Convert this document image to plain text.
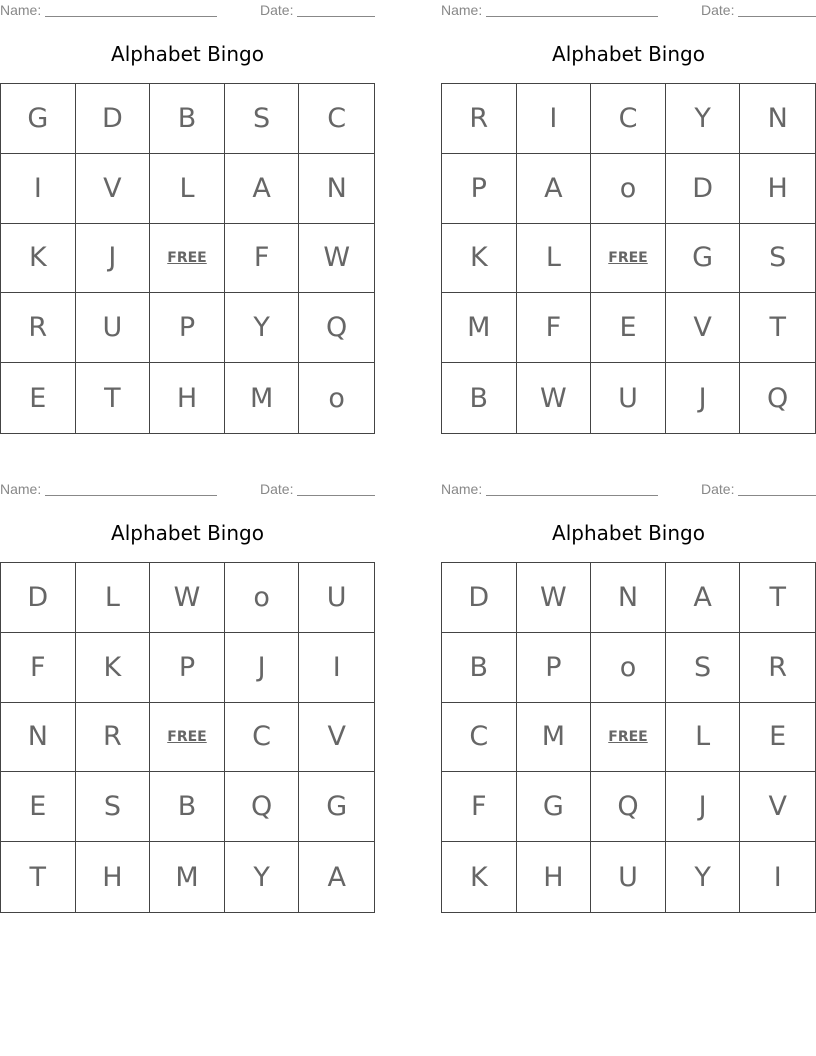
Name:	Date:
Alphabet Bingo
G	D	B	S	C
I	V	L	A	N
K	J	FREE	F	W
R	U	P	Y	Q
E	T	H	M	o
Name:	Date:
Alphabet Bingo
R	I	C	Y	N
P	A	o	D	H
K	L	FREE	G	S
M	F	E	V	T
B	W	U	J	Q
Name:	Date:
Alphabet Bingo
D	L	W	o	U
F	K	P	J	I
N	R	FREE	C	V
E	S	B	Q	G
T	H	M	Y	A
Name:	Date:
Alphabet Bingo
D	W	N	A	T
B	P	o	S	R
C	M	FREE	L	E
F	G	Q	J	V
K	H	U	Y	I
